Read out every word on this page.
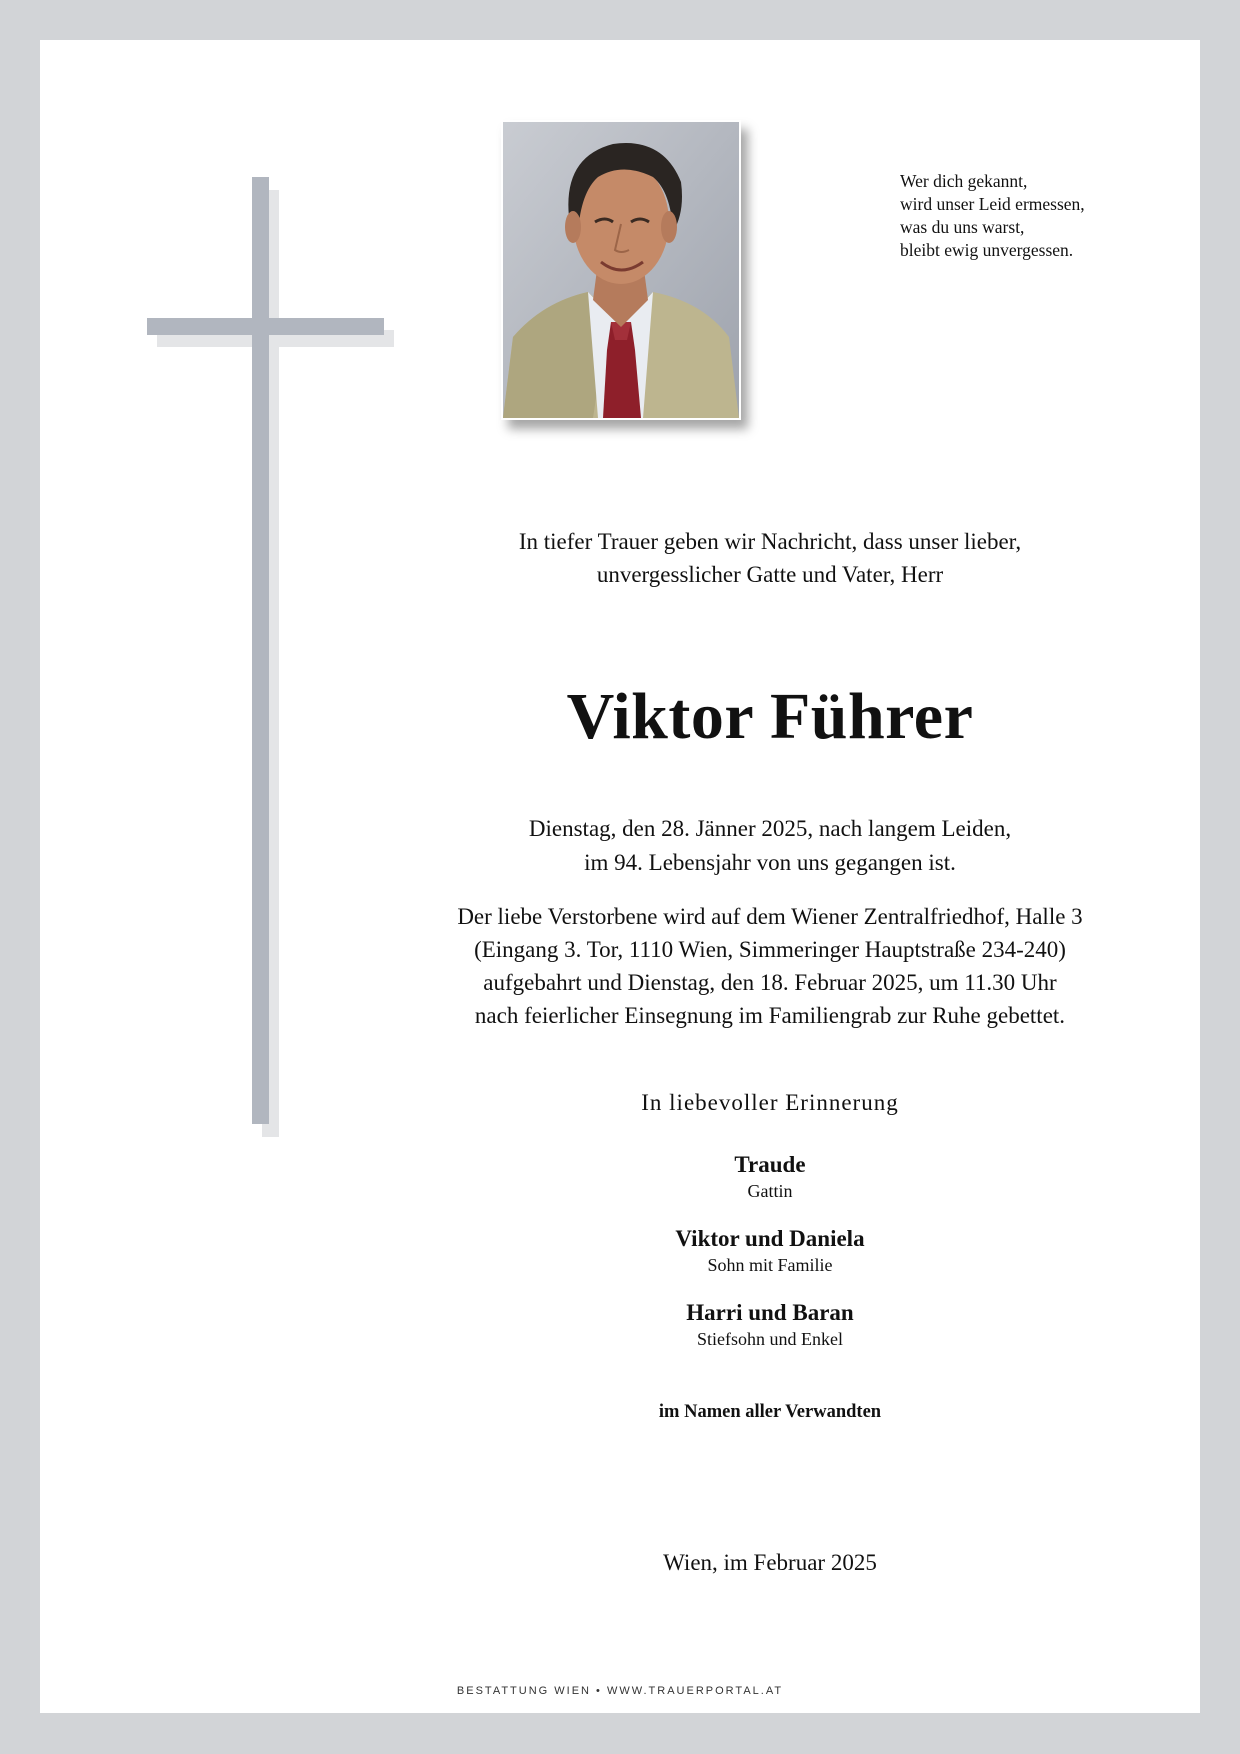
Wer dich gekannt,
wird unser Leid ermessen,
was du uns warst,
bleibt ewig unvergessen.
In tiefer Trauer geben wir Nachricht, dass unser lieber,
unvergesslicher Gatte und Vater, Herr
Viktor Führer
Dienstag, den 28. Jänner 2025, nach langem Leiden,
im 94. Lebensjahr von uns gegangen ist.
Der liebe Verstorbene wird auf dem Wiener Zentralfriedhof, Halle 3
(Eingang 3. Tor, 1110 Wien, Simmeringer Hauptstraße 234-240)
aufgebahrt und Dienstag, den 18. Februar 2025, um 11.30 Uhr
nach feierlicher Einsegnung im Familiengrab zur Ruhe gebettet.
In liebevoller Erinnerung
Traude
Gattin
Viktor und Daniela
Sohn mit Familie
Harri und Baran
Stiefsohn und Enkel
im Namen aller Verwandten
Wien, im Februar 2025
BESTATTUNG WIEN • WWW.TRAUERPORTAL.AT
